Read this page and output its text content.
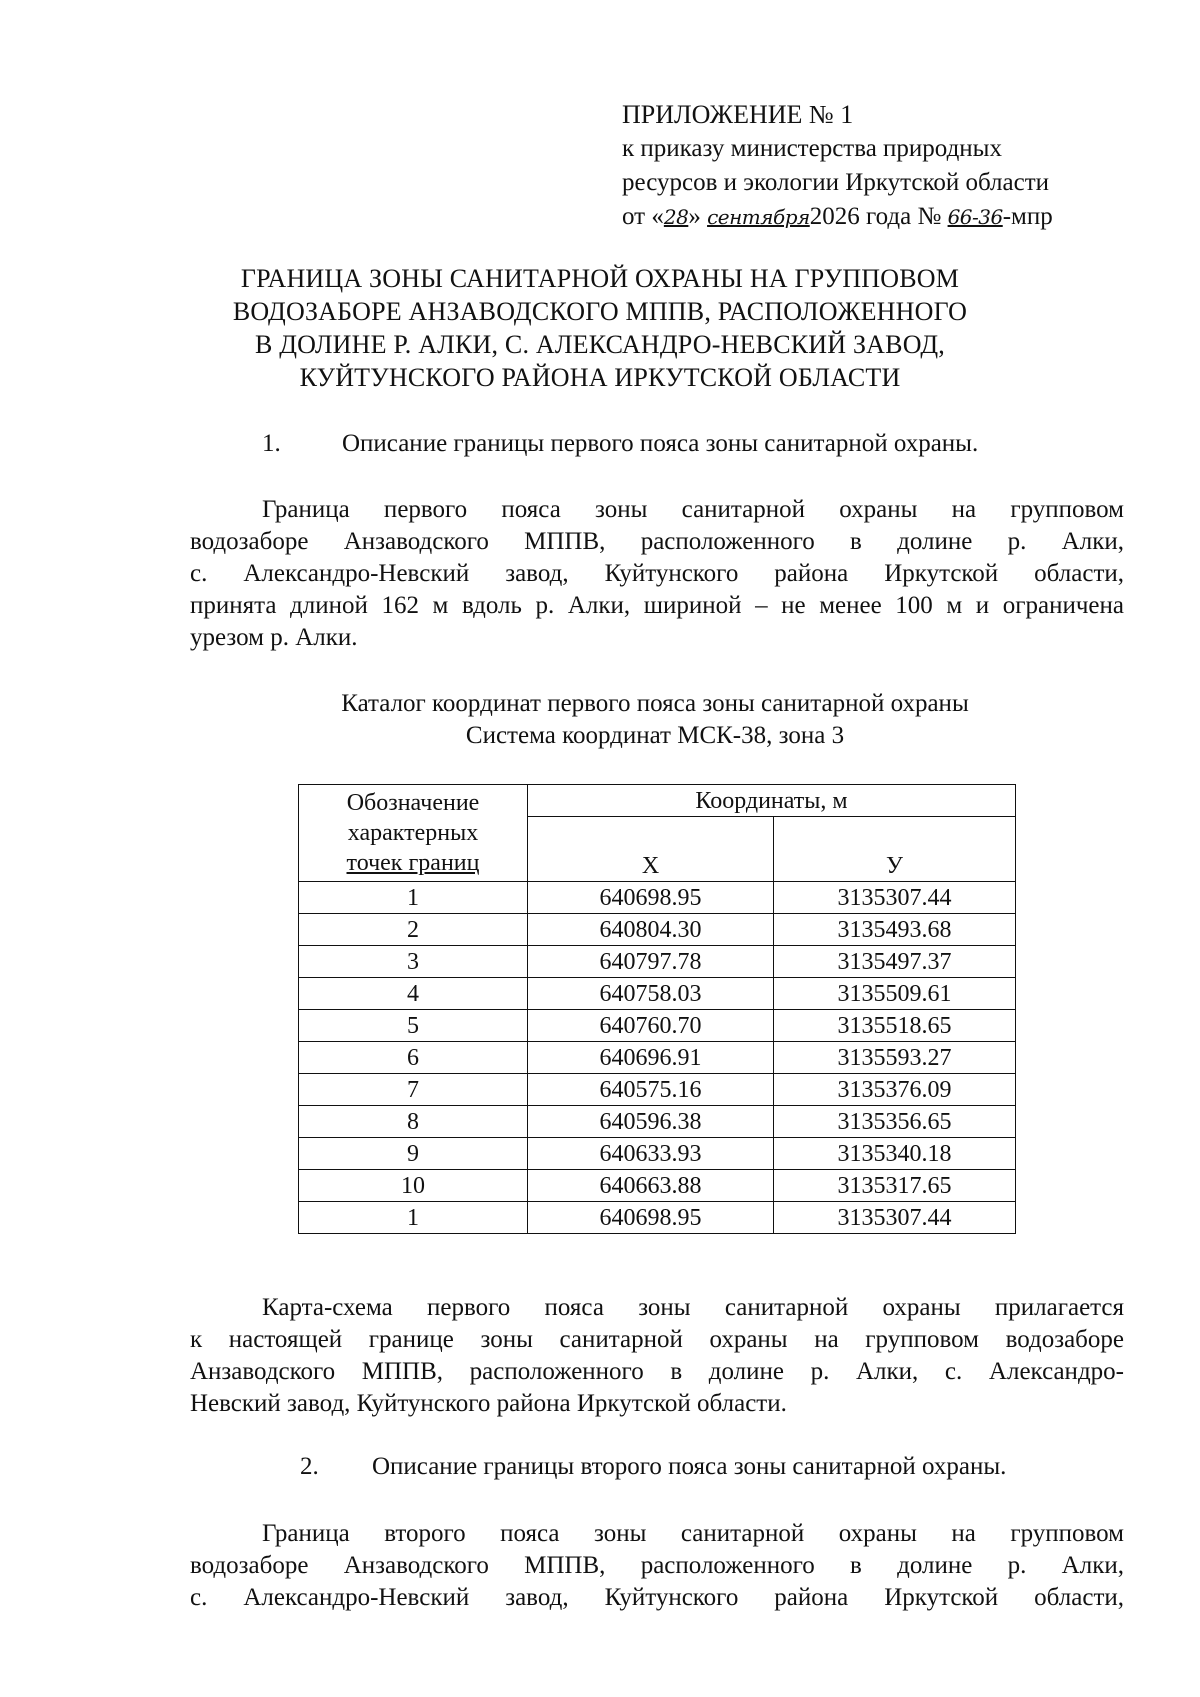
ПРИЛОЖЕНИЕ № 1
к приказу министерства природных
ресурсов и экологии Иркутской области
от «28» сентября2026 года № 66-36-мпр
ГРАНИЦА ЗОНЫ САНИТАРНОЙ ОХРАНЫ НА ГРУППОВОМ
ВОДОЗАБОРЕ АНЗАВОДСКОГО МППВ, РАСПОЛОЖЕННОГО
В ДОЛИНЕ Р. АЛКИ, С. АЛЕКСАНДРО-НЕВСКИЙ ЗАВОД,
КУЙТУНСКОГО РАЙОНА ИРКУТСКОЙ ОБЛАСТИ
1. Описание границы первого пояса зоны санитарной охраны.
Граница первого пояса зоны санитарной охраны на групповом
водозаборе Анзаводского МППВ, расположенного в долине р. Алки,
с. Александро-Невский завод, Куйтунского района Иркутской области,
принята длиной 162 м вдоль р. Алки, шириной – не менее 100 м и ограничена
урезом р. Алки.
Каталог координат первого пояса зоны санитарной охраны
Система координат МСК-38, зона 3
Обозначение
характерных
точек границ	Координаты, м	
	X	У
1	640698.95	3135307.44
2	640804.30	3135493.68
3	640797.78	3135497.37
4	640758.03	3135509.61
5	640760.70	3135518.65
6	640696.91	3135593.27
7	640575.16	3135376.09
8	640596.38	3135356.65
9	640633.93	3135340.18
10	640663.88	3135317.65
1	640698.95	3135307.44
Карта-схема первого пояса зоны санитарной охраны прилагается
к настоящей границе зоны санитарной охраны на групповом водозаборе
Анзаводского МППВ, расположенного в долине р. Алки, с. Александро-
Невский завод, Куйтунского района Иркутской области.
2. Описание границы второго пояса зоны санитарной охраны.
Граница второго пояса зоны санитарной охраны на групповом
водозаборе Анзаводского МППВ, расположенного в долине р. Алки,
с. Александро-Невский завод, Куйтунского района Иркутской области,
